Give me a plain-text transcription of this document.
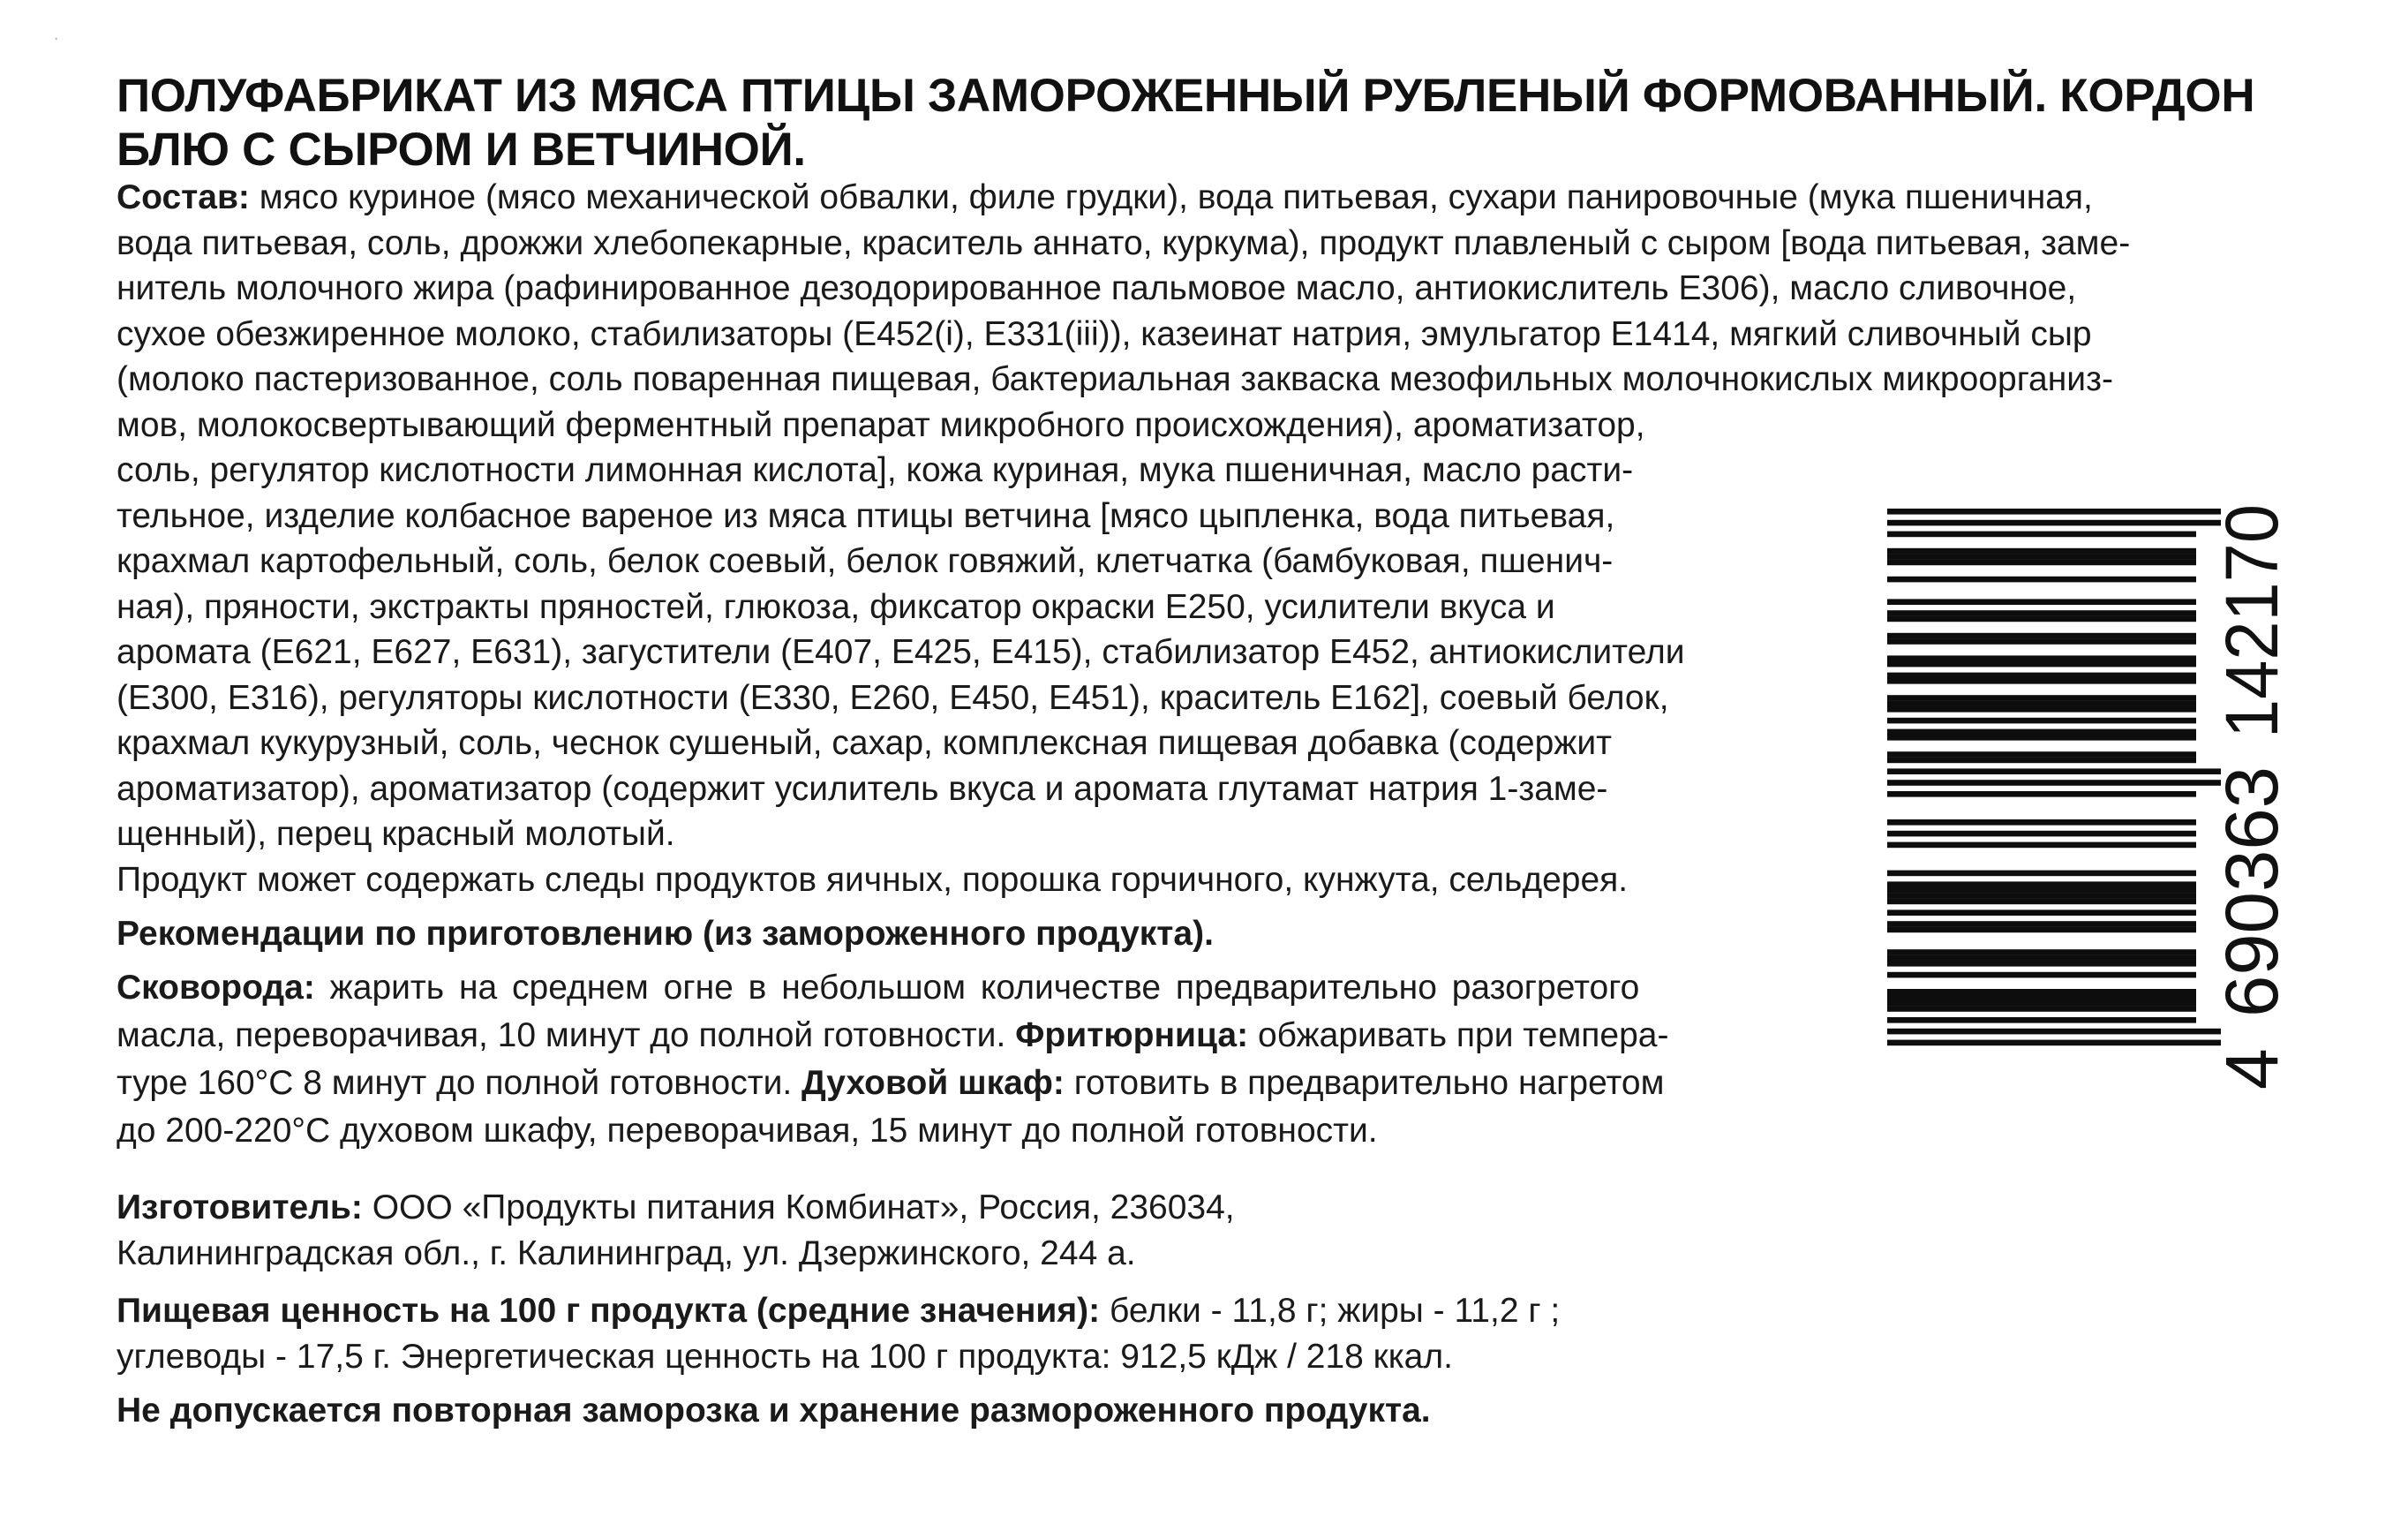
·
ПОЛУФАБРИКАТ ИЗ МЯСА ПТИЦЫ ЗАМОРОЖЕННЫЙ РУБЛЕНЫЙ ФОРМОВАННЫЙ. КОРДОН
БЛЮ С СЫРОМ И ВЕТЧИНОЙ.
Состав: мясо куриное (мясо механической обвалки, филе грудки), вода питьевая, сухари панировочные (мука пшеничная,
вода питьевая, соль, дрожжи хлебопекарные, краситель аннато, куркума), продукт плавленый с сыром [вода питьевая, заме-
нитель молочного жира (рафинированное дезодорированное пальмовое масло, антиокислитель Е306), масло сливочное,
сухое обезжиренное молоко, стабилизаторы (Е452(i), Е331(iii)), казеинат натрия, эмульгатор Е1414, мягкий сливочный сыр
(молоко пастеризованное, соль поваренная пищевая, бактериальная закваска мезофильных молочнокислых микроорганиз-
мов, молокосвертывающий ферментный препарат микробного происхождения), ароматизатор,
соль, регулятор кислотности лимонная кислота], кожа куриная, мука пшеничная, масло расти-
тельное, изделие колбасное вареное из мяса птицы ветчина [мясо цыпленка, вода питьевая,
крахмал картофельный, соль, белок соевый, белок говяжий, клетчатка (бамбуковая, пшенич-
ная), пряности, экстракты пряностей, глюкоза, фиксатор окраски Е250, усилители вкуса и
аромата (Е621, Е627, Е631), загустители (Е407, Е425, Е415), стабилизатор Е452, антиокислители
(Е300, Е316), регуляторы кислотности (Е330, Е260, Е450, Е451), краситель Е162], соевый белок,
крахмал кукурузный, соль, чеснок сушеный, сахар, комплексная пищевая добавка (содержит
ароматизатор), ароматизатор (содержит усилитель вкуса и аромата глутамат натрия 1-заме-
щенный), перец красный молотый.
Продукт может содержать следы продуктов яичных, порошка горчичного, кунжута, сельдерея.
Рекомендации по приготовлению (из замороженного продукта).
Сковорода: жарить на среднем огне в небольшом количестве предварительно разогретого
масла, переворачивая, 10 минут до полной готовности. Фритюрница: обжаривать при темпера-
туре 160°С 8 минут до полной готовности. Духовой шкаф: готовить в предварительно нагретом
до 200-220°С духовом шкафу, переворачивая, 15 минут до полной готовности.
Изготовитель: ООО «Продукты питания Комбинат», Россия, 236034,
Калининградская обл., г. Калининград, ул. Дзержинского, 244 а.
Пищевая ценность на 100 г продукта (средние значения): белки - 11,8 г; жиры - 11,2 г ;
углеводы - 17,5 г. Энергетическая ценность на 100 г продукта: 912,5 кДж / 218 ккал.
Не допускается повторная заморозка и хранение размороженного продукта.
4
690363
142170
